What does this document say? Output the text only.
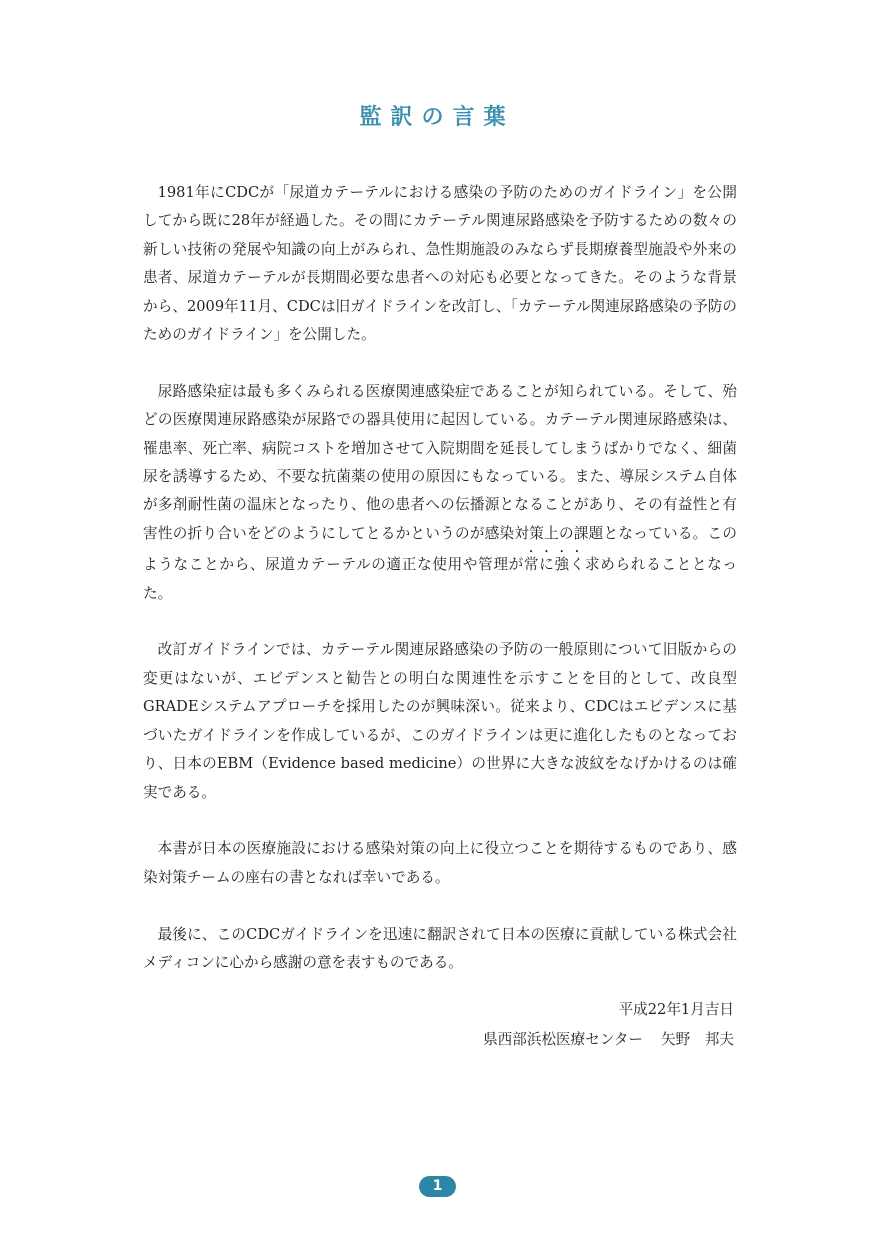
監訳の言葉

1981年にCDCが「尿道カテーテルにおける感染の予防のためのガイドライン」を公開してから既に28年が経過した。その間にカテーテル関連尿路感染を予防するための数々の新しい技術の発展や知識の向上がみられ、急性期施設のみならず長期療養型施設や外来の患者、尿道カテーテルが長期間必要な患者への対応も必要となってきた。そのような背景から、2009年11月、CDCは旧ガイドラインを改訂し、「カテーテル関連尿路感染の予防のためのガイドライン」を公開した。

尿路感染症は最も多くみられる医療関連感染症であることが知られている。そして、殆どの医療関連尿路感染が尿路での器具使用に起因している。カテーテル関連尿路感染は、罹患率、死亡率、病院コストを増加させて入院期間を延長してしまうばかりでなく、細菌尿を誘導するため、不要な抗菌薬の使用の原因にもなっている。また、導尿システム自体が多剤耐性菌の温床となったり、他の患者への伝播源となることがあり、その有益性と有害性の折り合いをどのようにしてとるかというのが感染対策上の課題となっている。このようなことから、尿道カテーテルの適正な使用や管理が常に強く求められることとなった。

改訂ガイドラインでは、カテーテル関連尿路感染の予防の一般原則について旧版からの変更はないが、エビデンスと勧告との明白な関連性を示すことを目的として、改良型GRADEシステムアプローチを採用したのが興味深い。従来より、CDCはエビデンスに基づいたガイドラインを作成しているが、このガイドラインは更に進化したものとなっており、日本のEBM（Evidence based medicine）の世界に大きな波紋をなげかけるのは確実である。

本書が日本の医療施設における感染対策の向上に役立つことを期待するものであり、感染対策チームの座右の書となれば幸いである。

最後に、このCDCガイドラインを迅速に翻訳されて日本の医療に貢献している株式会社メディコンに心から感謝の意を表すものである。

平成22年1月吉日
県西部浜松医療センター 矢野　邦夫
1
